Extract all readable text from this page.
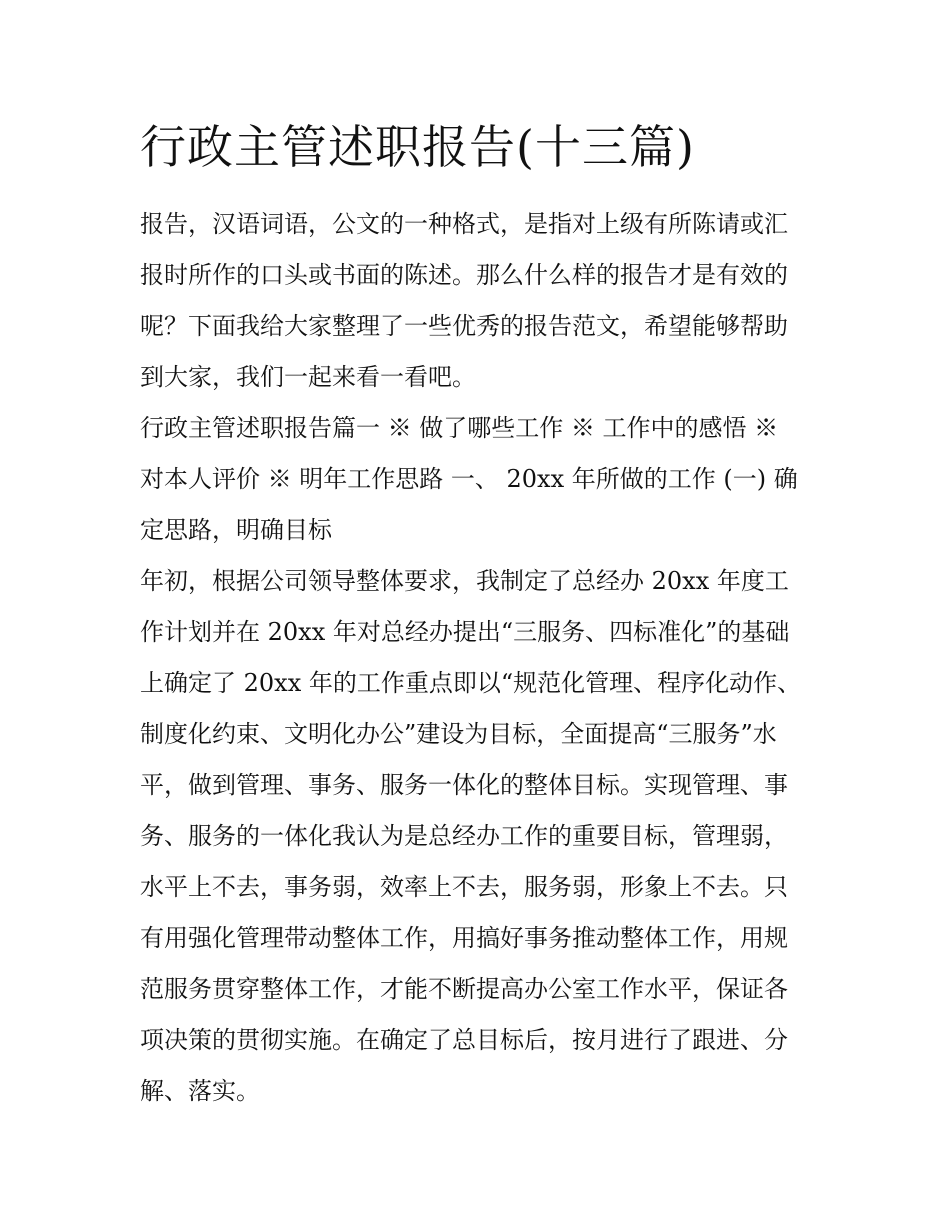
行政主管述职报告(十三篇)

报告，汉语词语，公文的一种格式，是指对上级有所陈请或汇
报时所作的口头或书面的陈述。那么什么样的报告才是有效的
呢？下面我给大家整理了一些优秀的报告范文，希望能够帮助
到大家，我们一起来看一看吧。

行政主管述职报告篇一 ※ 做了哪些工作 ※ 工作中的感悟 ※
对本人评价 ※ 明年工作思路 一、 20xx 年所做的工作 (一) 确
定思路，明确目标

年初，根据公司领导整体要求，我制定了总经办 20xx 年度工
作计划并在 20xx 年对总经办提出“三服务、四标准化”的基础
上确定了 20xx 年的工作重点即以“规范化管理、程序化动作、
制度化约束、文明化办公”建设为目标，全面提高“三服务”水
平，做到管理、事务、服务一体化的整体目标。实现管理、事
务、服务的一体化我认为是总经办工作的重要目标，管理弱，
水平上不去，事务弱，效率上不去，服务弱，形象上不去。只
有用强化管理带动整体工作，用搞好事务推动整体工作，用规
范服务贯穿整体工作，才能不断提高办公室工作水平，保证各
项决策的贯彻实施。在确定了总目标后，按月进行了跟进、分
解、落实。
